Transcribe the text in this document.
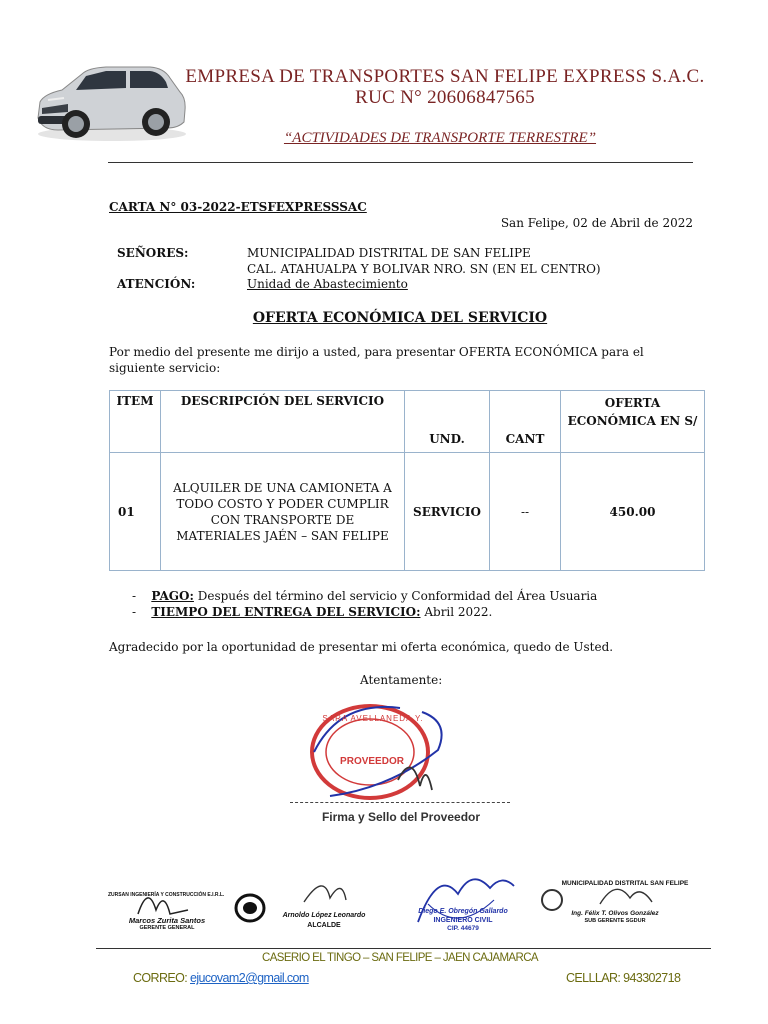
EMPRESA DE TRANSPORTES SAN FELIPE EXPRESS S.A.C.
RUC N° 20606847565
“ACTIVIDADES DE TRANSPORTE TERRESTRE”
CARTA N° 03-2022-ETSFEXPRESSSAC
San Felipe, 02 de Abril de 2022
SEÑORES:	MUNICIPALIDAD DISTRITAL DE SAN FELIPE
CAL. ATAHUALPA Y BOLIVAR NRO. SN (EN EL CENTRO)
ATENCIÓN:	Unidad de Abastecimiento
OFERTA ECONÓMICA DEL SERVICIO
Por medio del presente me dirijo a usted, para presentar OFERTA ECONÓMICA para el siguiente servicio:
ITEM	DESCRIPCIÓN DEL SERVICIO	UND.	CANT	OFERTA ECONÓMICA EN S/
01	ALQUILER DE UNA CAMIONETA A TODO COSTO Y PODER CUMPLIR CON TRANSPORTE DE MATERIALES JAÉN – SAN FELIPE	SERVICIO	--	450.00
- PAGO: Después del término del servicio y Conformidad del Área Usuaria
- TIEMPO DEL ENTREGA DEL SERVICIO: Abril 2022.
Agradecido por la oportunidad de presentar mi oferta económica, quedo de Usted.
Atentamente:
PROVEEDOR
SARA AVELLANEDA Y.
Firma y Sello del Proveedor
ZURSAN INGENIERÍA Y CONSTRUCCIÓN E.I.R.L.
Marcos Zurita Santos
GERENTE GENERAL
Arnoldo López Leonardo
ALCALDE
Diego E. Obregón Gallardo
INGENIERO CIVIL
CIP. 44679
MUNICIPALIDAD DISTRITAL SAN FELIPE
Ing. Félix T. Olivos González
SUB GERENTE SGDUR
CASERIO EL TINGO – SAN FELIPE – JAEN CAJAMARCA
CORREO: ejucovam2@gmail.com	CELLLAR: 943302718
